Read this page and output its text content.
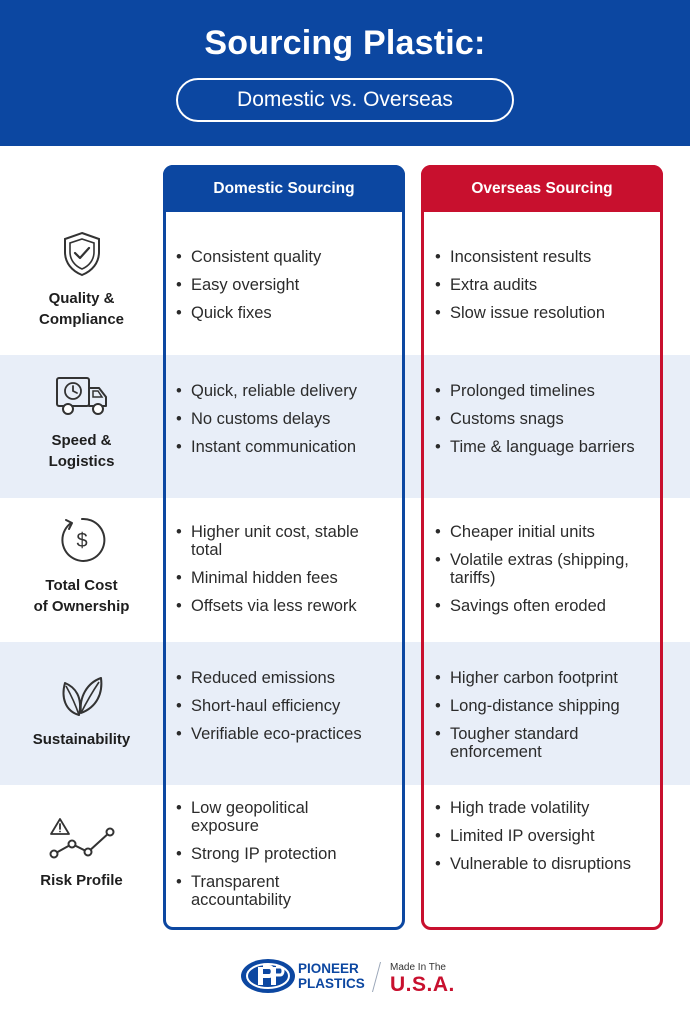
Sourcing Plastic:
Domestic vs. Overseas
Domestic Sourcing	Overseas Sourcing
Quality &
Compliance
• Consistent quality
• Easy oversight
• Quick fixes
• Inconsistent results
• Extra audits
• Slow issue resolution
Speed &
Logistics
• Quick, reliable delivery
• No customs delays
• Instant communication
• Prolonged timelines
• Customs snags
• Time & language barriers
$
Total Cost
of Ownership
• Higher unit cost, stable total
• Minimal hidden fees
• Offsets via less rework
• Cheaper initial units
• Volatile extras (shipping, tariffs)
• Savings often eroded
Sustainability
• Reduced emissions
• Short-haul efficiency
• Verifiable eco-practices
• Higher carbon footprint
• Long-distance shipping
• Tougher standard enforcement
Risk Profile
• Low geopolitical exposure
• Strong IP protection
• Transparent accountability
• High trade volatility
• Limited IP oversight
• Vulnerable to disruptions
PIONEER
PLASTICS
Made In The
U.S.A.
